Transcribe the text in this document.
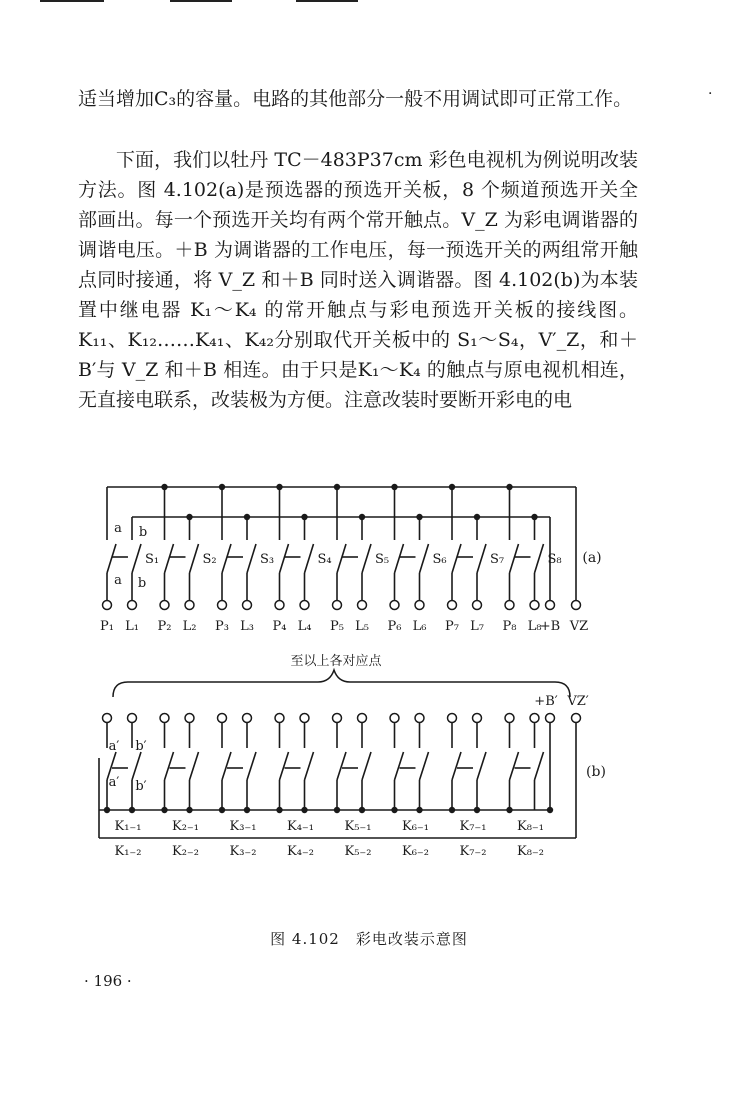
适当增加C₃的容量。电路的其他部分一般不用调试即可正常工作。	·

下面，我们以牡丹 TC－483P37cm 彩色电视机为例说明改装方法。图 4.102(a)是预选器的预选开关板，8 个频道预选开关全部画出。每一个预选开关均有两个常开触点。V_Z 为彩电调谐器的调谐电压。＋B 为调谐器的工作电压，每一预选开关的两组常开触点同时接通，将 V_Z 和＋B 同时送入调谐器。图 4.102(b)为本装置中继电器 K₁～K₄ 的常开触点与彩电预选开关板的接线图。K₁₁、K₁₂……K₄₁、K₄₂分别取代开关板中的 S₁～S₄，V′_Z，和＋B′与 V_Z 和＋B 相连。由于只是K₁～K₄ 的触点与原电视机相连，无直接电联系，改装极为方便。注意改装时要断开彩电的电

S₁
P₁ L₁
S₂
P₂ L₂
S₃
P₃ L₃
S₄
P₄ L₄
S₅
P₅ L₅
S₆
P₆ L₆
S₇
P₇ L₇
S₈
P₈ L₈
+B VZ
a b
a b
(a)
至以上各对应点
K₁₋₁
K₁₋₂
K₂₋₁
K₂₋₂
K₃₋₁
K₃₋₂
K₄₋₁
K₄₋₂
K₅₋₁
K₅₋₂
K₆₋₁
K₆₋₂
K₇₋₁
K₇₋₂
K₈₋₁
K₈₋₂
+B′ VZ′
a′ b′
a′ b′
(b)
图 4.102　彩电改装示意图
· 196 ·
